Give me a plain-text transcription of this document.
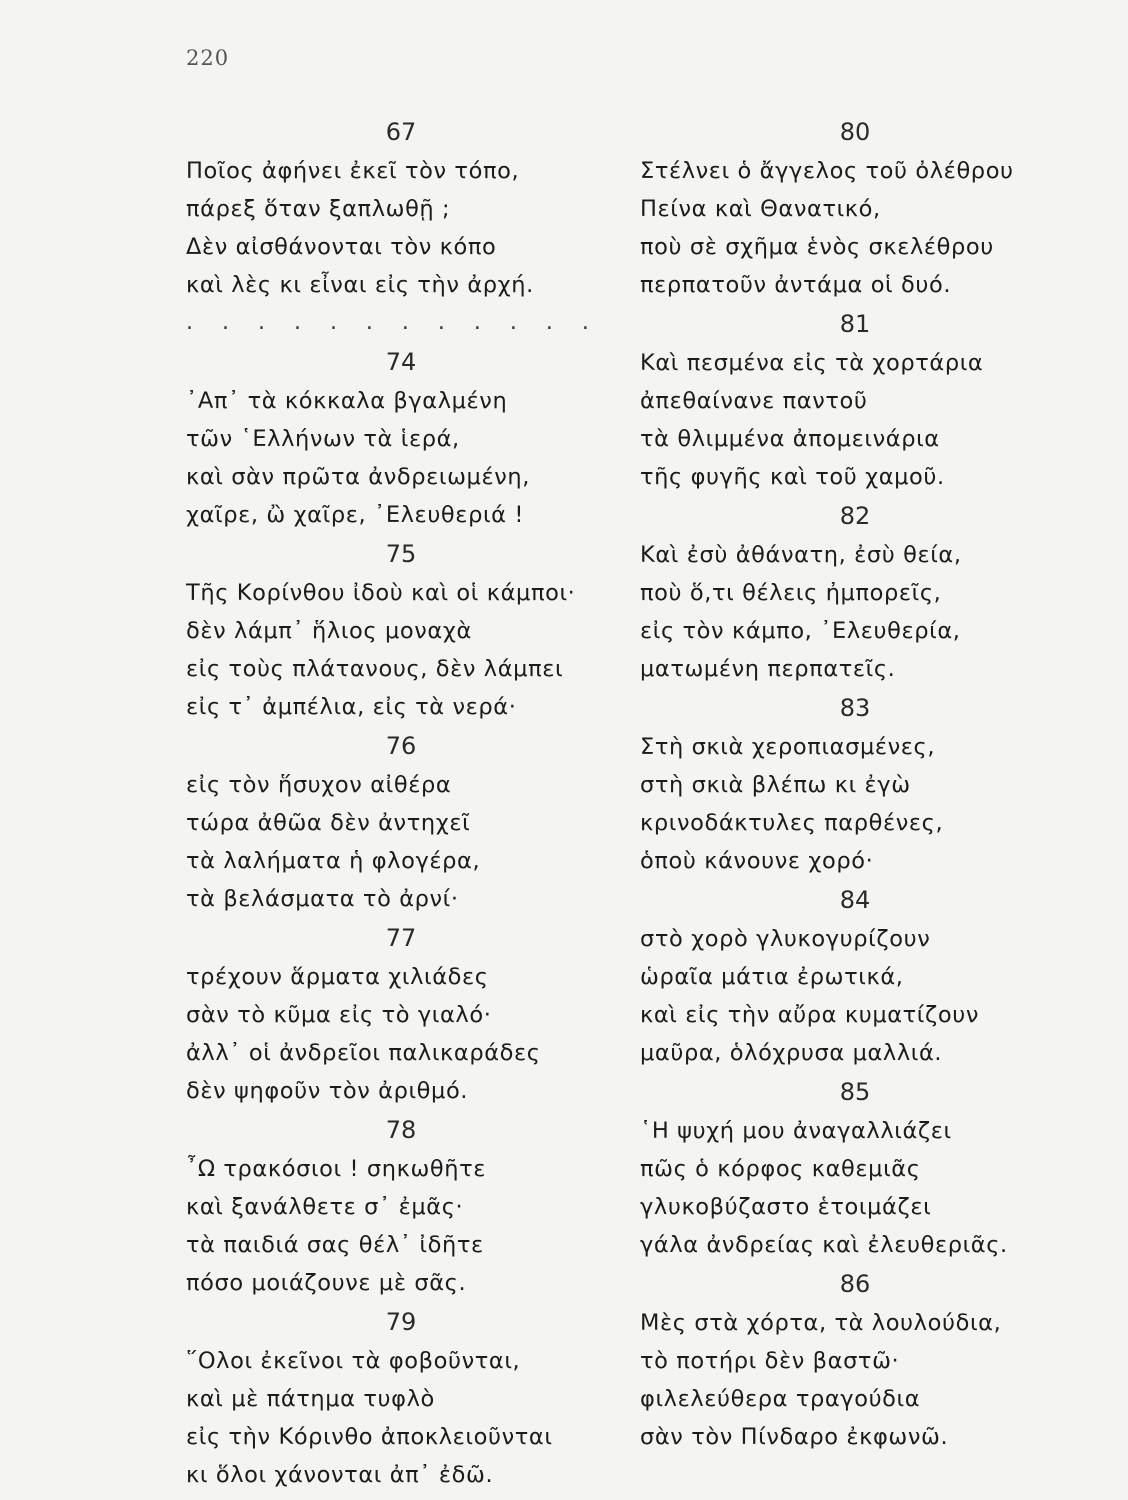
220
67
Ποῖος ἀφήνει ἐκεῖ τὸν τόπο,
πάρεξ ὅταν ξαπλωθῇ ;
Δὲν αἰσθάνονται τὸν κόπο
καὶ λὲς κι εἶναι εἰς τὴν ἀρχή.
. . . . . . . . . . . .
74
᾿Απ᾽ τὰ κόκκαλα βγαλμένη
τῶν ῾Ελλήνων τὰ ἱερά,
καὶ σὰν πρῶτα ἀνδρειωμένη,
χαῖρε, ὢ χαῖρε, ᾿Ελευθεριά !
75
Τῆς Κορίνθου ἰδοὺ καὶ οἱ κάμποι·
δὲν λάμπ᾽ ἥλιος μοναχὰ
εἰς τοὺς πλάτανους, δὲν λάμπει
εἰς τ᾽ ἀμπέλια, εἰς τὰ νερά·
76
εἰς τὸν ἥσυχον αἰθέρα
τώρα ἀθῶα δὲν ἀντηχεῖ
τὰ λαλήματα ἡ φλογέρα,
τὰ βελάσματα τὸ ἀρνί·
77
τρέχουν ἅρματα χιλιάδες
σὰν τὸ κῦμα εἰς τὸ γιαλό·
ἀλλ᾽ οἱ ἀνδρεῖοι παλικαράδες
δὲν ψηφοῦν τὸν ἀριθμό.
78
῏Ω τρακόσιοι ! σηκωθῆτε
καὶ ξανάλθετε σ᾽ ἐμᾶς·
τὰ παιδιά σας θέλ᾽ ἰδῆτε
πόσο μοιάζουνε μὲ σᾶς.
79
῞Ολοι ἐκεῖνοι τὰ φοβοῦνται,
καὶ μὲ πάτημα τυφλὸ
εἰς τὴν Κόρινθο ἀποκλειοῦνται
κι ὅλοι χάνονται ἀπ᾽ ἐδῶ.
80
Στέλνει ὁ ἄγγελος τοῦ ὀλέθρου
Πείνα καὶ Θανατικό,
ποὺ σὲ σχῆμα ἑνὸς σκελέθρου
περπατοῦν ἀντάμα οἱ δυό.
81
Καὶ πεσμένα εἰς τὰ χορτάρια
ἀπεθαίνανε παντοῦ
τὰ θλιμμένα ἀπομεινάρια
τῆς φυγῆς καὶ τοῦ χαμοῦ.
82
Καὶ ἐσὺ ἀθάνατη, ἐσὺ θεία,
ποὺ ὅ,τι θέλεις ἠμπορεῖς,
εἰς τὸν κάμπο, ᾿Ελευθερία,
ματωμένη περπατεῖς.
83
Στὴ σκιὰ χεροπιασμένες,
στὴ σκιὰ βλέπω κι ἐγὼ
κρινοδάκτυλες παρθένες,
ὁποὺ κάνουνε χορό·
84
στὸ χορὸ γλυκογυρίζουν
ὡραῖα μάτια ἐρωτικά,
καὶ εἰς τὴν αὔρα κυματίζουν
μαῦρα, ὁλόχρυσα μαλλιά.
85
῾Η ψυχή μου ἀναγαλλιάζει
πῶς ὁ κόρφος καθεμιᾶς
γλυκοβύζαστο ἑτοιμάζει
γάλα ἀνδρείας καὶ ἐλευθεριᾶς.
86
Μὲς στὰ χόρτα, τὰ λουλούδια,
τὸ ποτήρι δὲν βαστῶ·
φιλελεύθερα τραγούδια
σὰν τὸν Πίνδαρο ἐκφωνῶ.
